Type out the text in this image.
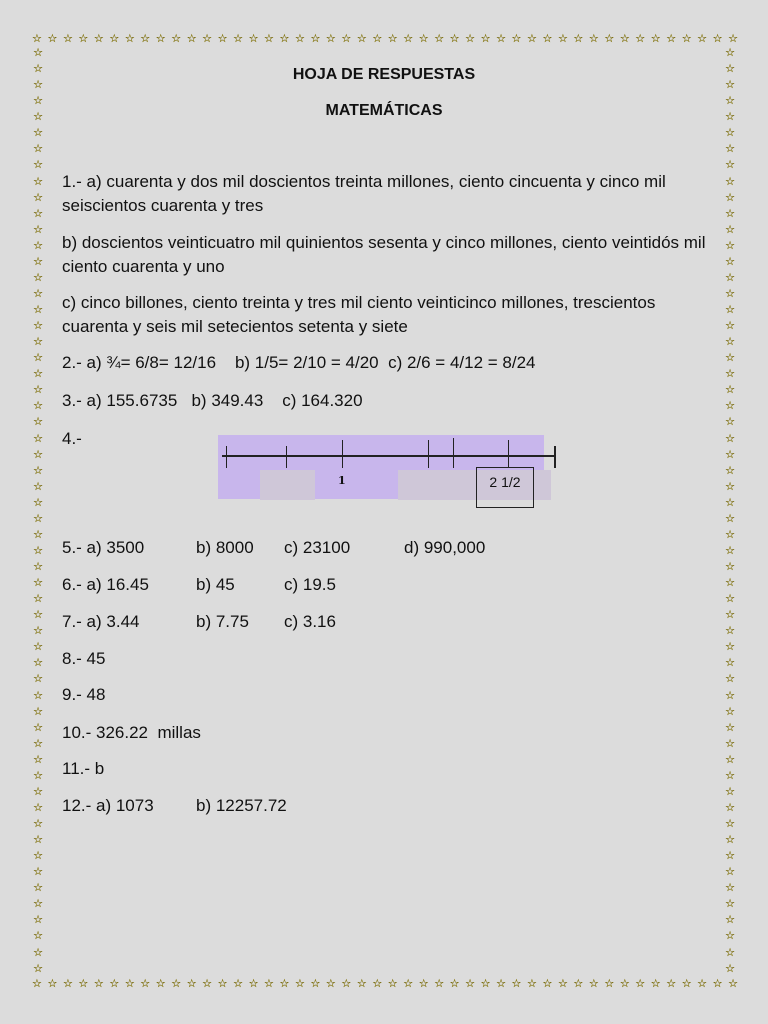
☆ ☆ ☆ ☆ ☆ ☆ ☆ ☆ ☆ ☆ ☆ ☆ ☆ ☆ ☆ ☆ ☆ ☆ ☆ ☆ ☆ ☆ ☆ ☆ ☆ ☆ ☆ ☆ ☆ ☆ ☆ ☆ ☆ ☆ ☆ ☆ ☆ ☆ ☆ ☆ ☆ ☆ ☆ ☆ ☆ ☆
☆ ☆ ☆ ☆ ☆ ☆ ☆ ☆ ☆ ☆ ☆ ☆ ☆ ☆ ☆ ☆ ☆ ☆ ☆ ☆ ☆ ☆ ☆ ☆ ☆ ☆ ☆ ☆ ☆ ☆ ☆ ☆ ☆ ☆ ☆ ☆ ☆ ☆ ☆ ☆ ☆ ☆ ☆ ☆ ☆ ☆
☆
☆
☆
☆
☆
☆
☆
☆
☆
☆
☆
☆
☆
☆
☆
☆
☆
☆
☆
☆
☆
☆
☆
☆
☆
☆
☆
☆
☆
☆
☆
☆
☆
☆
☆
☆
☆
☆
☆
☆
☆
☆
☆
☆
☆
☆
☆
☆
☆
☆
☆
☆
☆
☆
☆
☆
☆
☆
☆
☆
☆
☆
☆
☆
☆
☆
☆
☆
☆
☆
☆
☆
☆
☆
☆
☆
☆
☆
☆
☆
☆
☆
☆
☆
☆
☆
☆
☆
☆
☆
☆
☆
☆
☆
☆
☆
☆
☆
☆
☆
☆
☆
☆
☆
☆
☆
☆
☆
☆
☆
☆
☆
☆
☆
☆
☆
HOJA DE RESPUESTAS
MATEMÁTICAS
1.- a) cuarenta y dos mil doscientos treinta millones, ciento cincuenta y cinco mil seiscientos cuarenta y tres
b) doscientos veinticuatro mil quinientos sesenta y cinco millones, ciento veintidós mil ciento cuarenta y uno
c) cinco billones, ciento treinta y tres mil ciento veinticinco millones, trescientos cuarenta y seis mil setecientos setenta y siete
2.- a) ¾= 6/8= 12/16    b) 1/5= 2/10 = 4/20  c) 2/6 = 4/12 = 8/24
3.- a) 155.6735   b) 349.43    c) 164.320
4.-
1	2 1/2
5.- a) 3500	b) 8000 c) 23100	d) 990,000
6.- a) 16.45	b) 45	c) 19.5
7.- a) 3.44	b) 7.75 c) 3.16
8.- 45
9.- 48
10.- 326.22  millas
11.- b
12.- a) 1073 b) 12257.72
